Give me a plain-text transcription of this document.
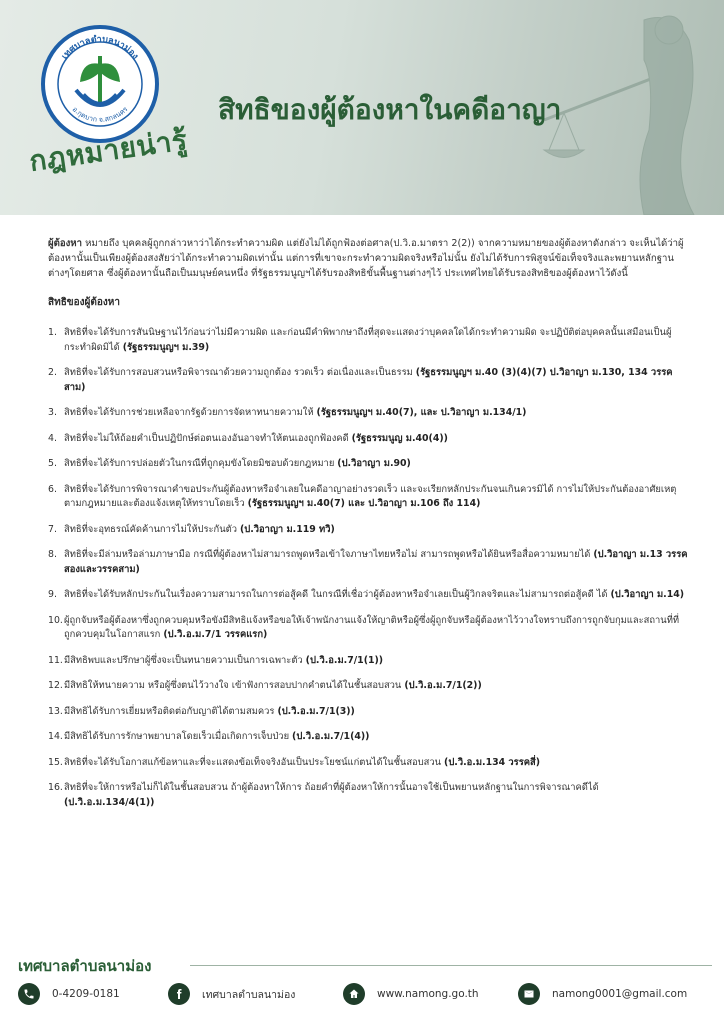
เทศบาลตำบลนาม่อง
อ.กุดบาก จ.สกลนคร
กฎหมายน่ารู้
สิทธิของผู้ต้องหาในคดีอาญา

ผู้ต้องหา หมายถึง บุคคลผู้ถูกกล่าวหาว่าได้กระทำความผิด แต่ยังไม่ได้ถูกฟ้องต่อศาล(ป.วิ.อ.มาตรา 2(2)) จากความหมายของผู้ต้องหาดังกล่าว จะเห็นได้ว่าผู้ต้องหานั้นเป็นเพียงผู้ต้องสงสัยว่าได้กระทำความผิดเท่านั้น แต่การที่เขาจะกระทำความผิดจริงหรือไม่นั้น ยังไม่ได้รับการพิสูจน์ข้อเท็จจริงและพยานหลักฐานต่างๆโดยศาล ซึ่งผู้ต้องหานั้นถือเป็นมนุษย์คนหนึ่ง ที่รัฐธรรมนูญฯได้รับรองสิทธิขั้นพื้นฐานต่างๆไว้ ประเทศไทยได้รับรองสิทธิของผู้ต้องหาไว้ดังนี้

สิทธิของผู้ต้องหา
1. สิทธิที่จะได้รับการสันนิษฐานไว้ก่อนว่าไม่มีความผิด และก่อนมีคำพิพากษาถึงที่สุดจะแสดงว่าบุคคลใดได้กระทำความผิด จะปฏิบัติต่อบุคคลนั้นเสมือนเป็นผู้กระทำผิดมิได้ (รัฐธรรมนูญฯ ม.39)
2. สิทธิที่จะได้รับการสอบสวนหรือพิจารณาด้วยความถูกต้อง รวดเร็ว ต่อเนื่องและเป็นธรรม (รัฐธรรมนูญฯ ม.40 (3)(4)(7) ป.วิอาญา ม.130, 134 วรรคสาม)
3. สิทธิที่จะได้รับการช่วยเหลือจากรัฐด้วยการจัดหาทนายความให้ (รัฐธรรมนูญฯ ม.40(7), และ ป.วิอาญา ม.134/1)
4. สิทธิที่จะไม่ให้ถ้อยคำเป็นปฏิปักษ์ต่อตนเองอันอาจทำให้ตนเองถูกฟ้องคดี (รัฐธรรมนูญ ม.40(4))
5. สิทธิที่จะได้รับการปล่อยตัวในกรณีที่ถูกคุมขังโดยมิชอบด้วยกฎหมาย (ป.วิอาญา ม.90)
6. สิทธิที่จะได้รับการพิจารณาคำขอประกันผู้ต้องหาหรือจำเลยในคดีอาญาอย่างรวดเร็ว และจะเรียกหลักประกันจนเกินควรมิได้ การไม่ให้ประกันต้องอาศัยเหตุตามกฎหมายและต้องแจ้งเหตุให้ทราบโดยเร็ว (รัฐธรรมนูญฯ ม.40(7) และ ป.วิอาญา ม.106 ถึง 114)
7. สิทธิที่จะอุทธรณ์คัดค้านการไม่ให้ประกันตัว (ป.วิอาญา ม.119 ทวิ)
8. สิทธิที่จะมีล่ามหรือล่ามภาษามือ กรณีที่ผู้ต้องหาไม่สามารถพูดหรือเข้าใจภาษาไทยหรือไม่ สามารถพูดหรือได้ยินหรือสื่อความหมายได้ (ป.วิอาญา ม.13 วรรคสองและวรรคสาม)
9. สิทธิที่จะได้รับหลักประกันในเรื่องความสามารถในการต่อสู้คดี ในกรณีที่เชื่อว่าผู้ต้องหาหรือจำเลยเป็นผู้วิกลจริตและไม่สามารถต่อสู้คดี ได้ (ป.วิอาญา ม.14)
10. ผู้ถูกจับหรือผู้ต้องหาซึ่งถูกควบคุมหรือขังมีสิทธิแจ้งหรือขอให้เจ้าพนักงานแจ้งให้ญาติหรือผู้ซึ่งผู้ถูกจับหรือผู้ต้องหาไว้วางใจทราบถึงการถูกจับกุมและสถานที่ที่ถูกควบคุมในโอกาสแรก (ป.วิ.อ.ม.7/1 วรรคแรก)
11. มีสิทธิพบและปรึกษาผู้ซึ่งจะเป็นทนายความเป็นการเฉพาะตัว (ป.วิ.อ.ม.7/1(1))
12. มีสิทธิให้ทนายความ หรือผู้ซึ่งตนไว้วางใจ เข้าฟังการสอบปากคำตนได้ในชั้นสอบสวน (ป.วิ.อ.ม.7/1(2))
13. มีสิทธิได้รับการเยี่ยมหรือติดต่อกับญาติได้ตามสมควร (ป.วิ.อ.ม.7/1(3))
14. มีสิทธิได้รับการรักษาพยาบาลโดยเร็วเมื่อเกิดการเจ็บป่วย (ป.วิ.อ.ม.7/1(4))
15. สิทธิที่จะได้รับโอกาสแก้ข้อหาและที่จะแสดงข้อเท็จจริงอันเป็นประโยชน์แก่ตนได้ในชั้นสอบสวน (ป.วิ.อ.ม.134 วรรคสี่)
16. สิทธิที่จะให้การหรือไม่ก็ได้ในชั้นสอบสวน ถ้าผู้ต้องหาให้การ ถ้อยคำที่ผู้ต้องหาให้การนั้นอาจใช้เป็นพยานหลักฐานในการพิจารณาคดีได้ (ป.วิ.อ.ม.134/4(1))
เทศบาลตำบลนาม่อง
0-4209-0181	เทศบาลตำบลนาม่อง	www.namong.go.th	namong0001@gmail.com
